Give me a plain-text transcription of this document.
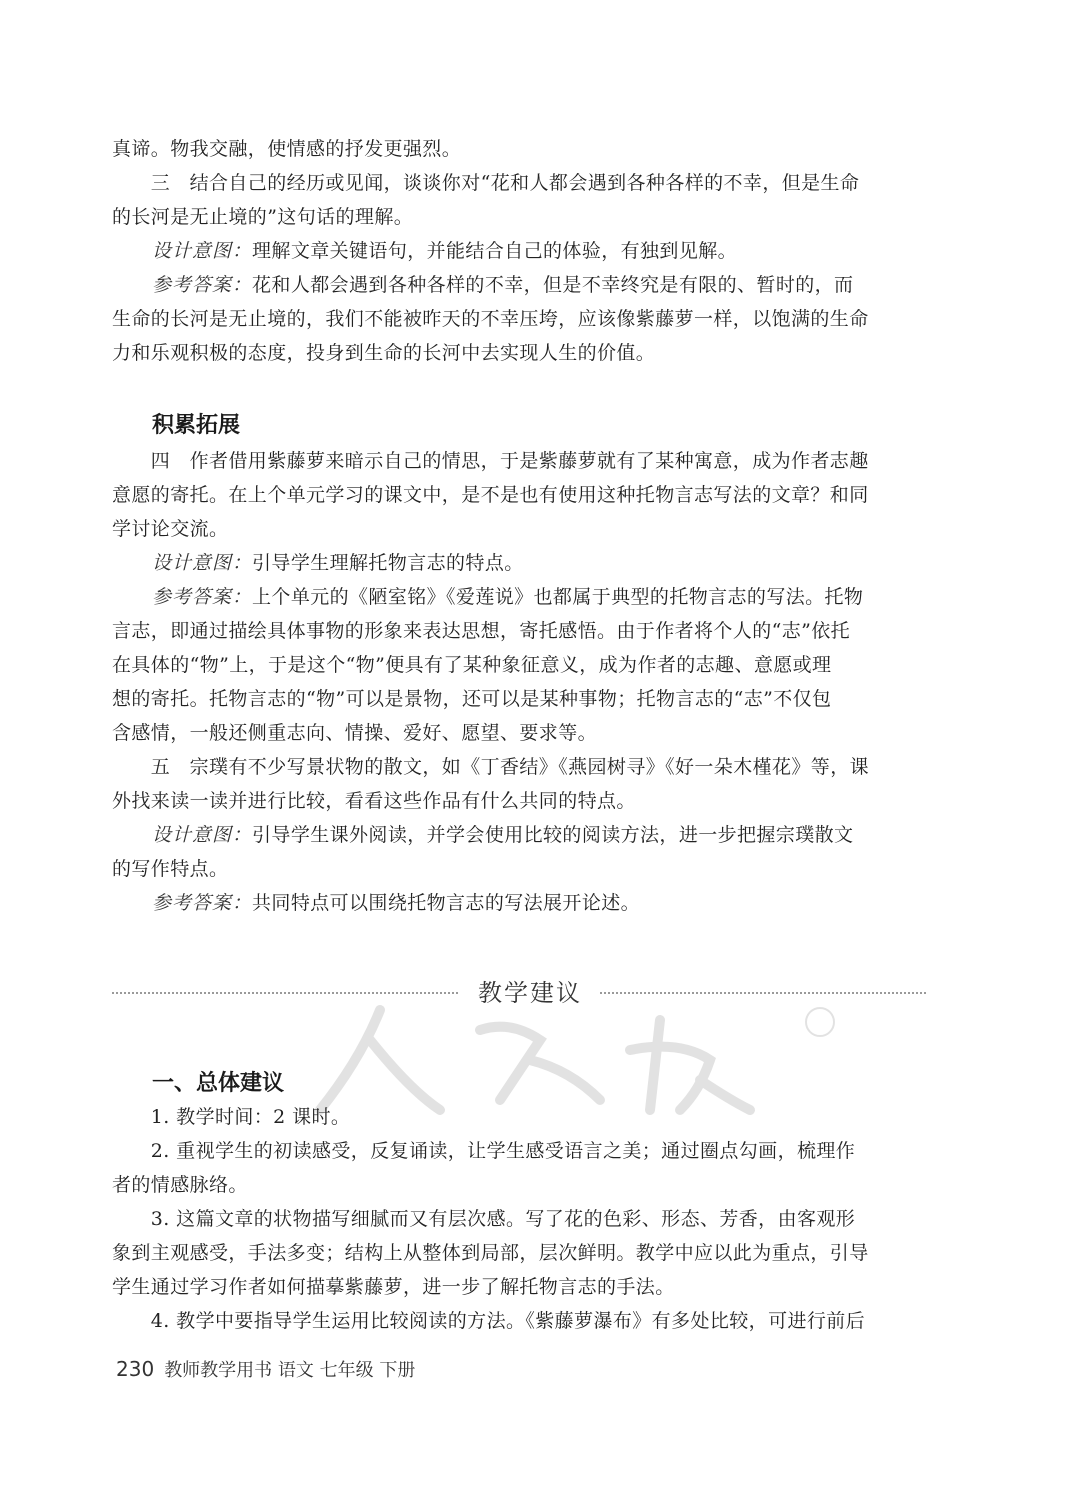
真谛。物我交融，使情感的抒发更强烈。
　　三　结合自己的经历或见闻，谈谈你对“花和人都会遇到各种各样的不幸，但是生命
的长河是无止境的”这句话的理解。
设计意图：理解文章关键语句，并能结合自己的体验，有独到见解。
参考答案：花和人都会遇到各种各样的不幸，但是不幸终究是有限的、暂时的，而
生命的长河是无止境的，我们不能被昨天的不幸压垮，应该像紫藤萝一样，以饱满的生命
力和乐观积极的态度，投身到生命的长河中去实现人生的价值。
积累拓展
　　四　作者借用紫藤萝来暗示自己的情思，于是紫藤萝就有了某种寓意，成为作者志趣
意愿的寄托。在上个单元学习的课文中，是不是也有使用这种托物言志写法的文章？和同
学讨论交流。
设计意图：引导学生理解托物言志的特点。
参考答案：上个单元的《陋室铭》《爱莲说》也都属于典型的托物言志的写法。托物
言志，即通过描绘具体事物的形象来表达思想，寄托感悟。由于作者将个人的“志”依托
在具体的“物”上，于是这个“物”便具有了某种象征意义，成为作者的志趣、意愿或理
想的寄托。托物言志的“物”可以是景物，还可以是某种事物；托物言志的“志”不仅包
含感情，一般还侧重志向、情操、爱好、愿望、要求等。
　　五　宗璞有不少写景状物的散文，如《丁香结》《燕园树寻》《好一朵木槿花》等，课
外找来读一读并进行比较，看看这些作品有什么共同的特点。
设计意图：引导学生课外阅读，并学会使用比较的阅读方法，进一步把握宗璞散文
的写作特点。
参考答案：共同特点可以围绕托物言志的写法展开论述。
教学建议
一、总体建议
　　1. 教学时间：2 课时。
　　2. 重视学生的初读感受，反复诵读，让学生感受语言之美；通过圈点勾画，梳理作
者的情感脉络。
　　3. 这篇文章的状物描写细腻而又有层次感。写了花的色彩、形态、芳香，由客观形
象到主观感受，手法多变；结构上从整体到局部，层次鲜明。教学中应以此为重点，引导
学生通过学习作者如何描摹紫藤萝，进一步了解托物言志的手法。
　　4. 教学中要指导学生运用比较阅读的方法。《紫藤萝瀑布》有多处比较，可进行前后
230 教师教学用书 语文 七年级 下册
